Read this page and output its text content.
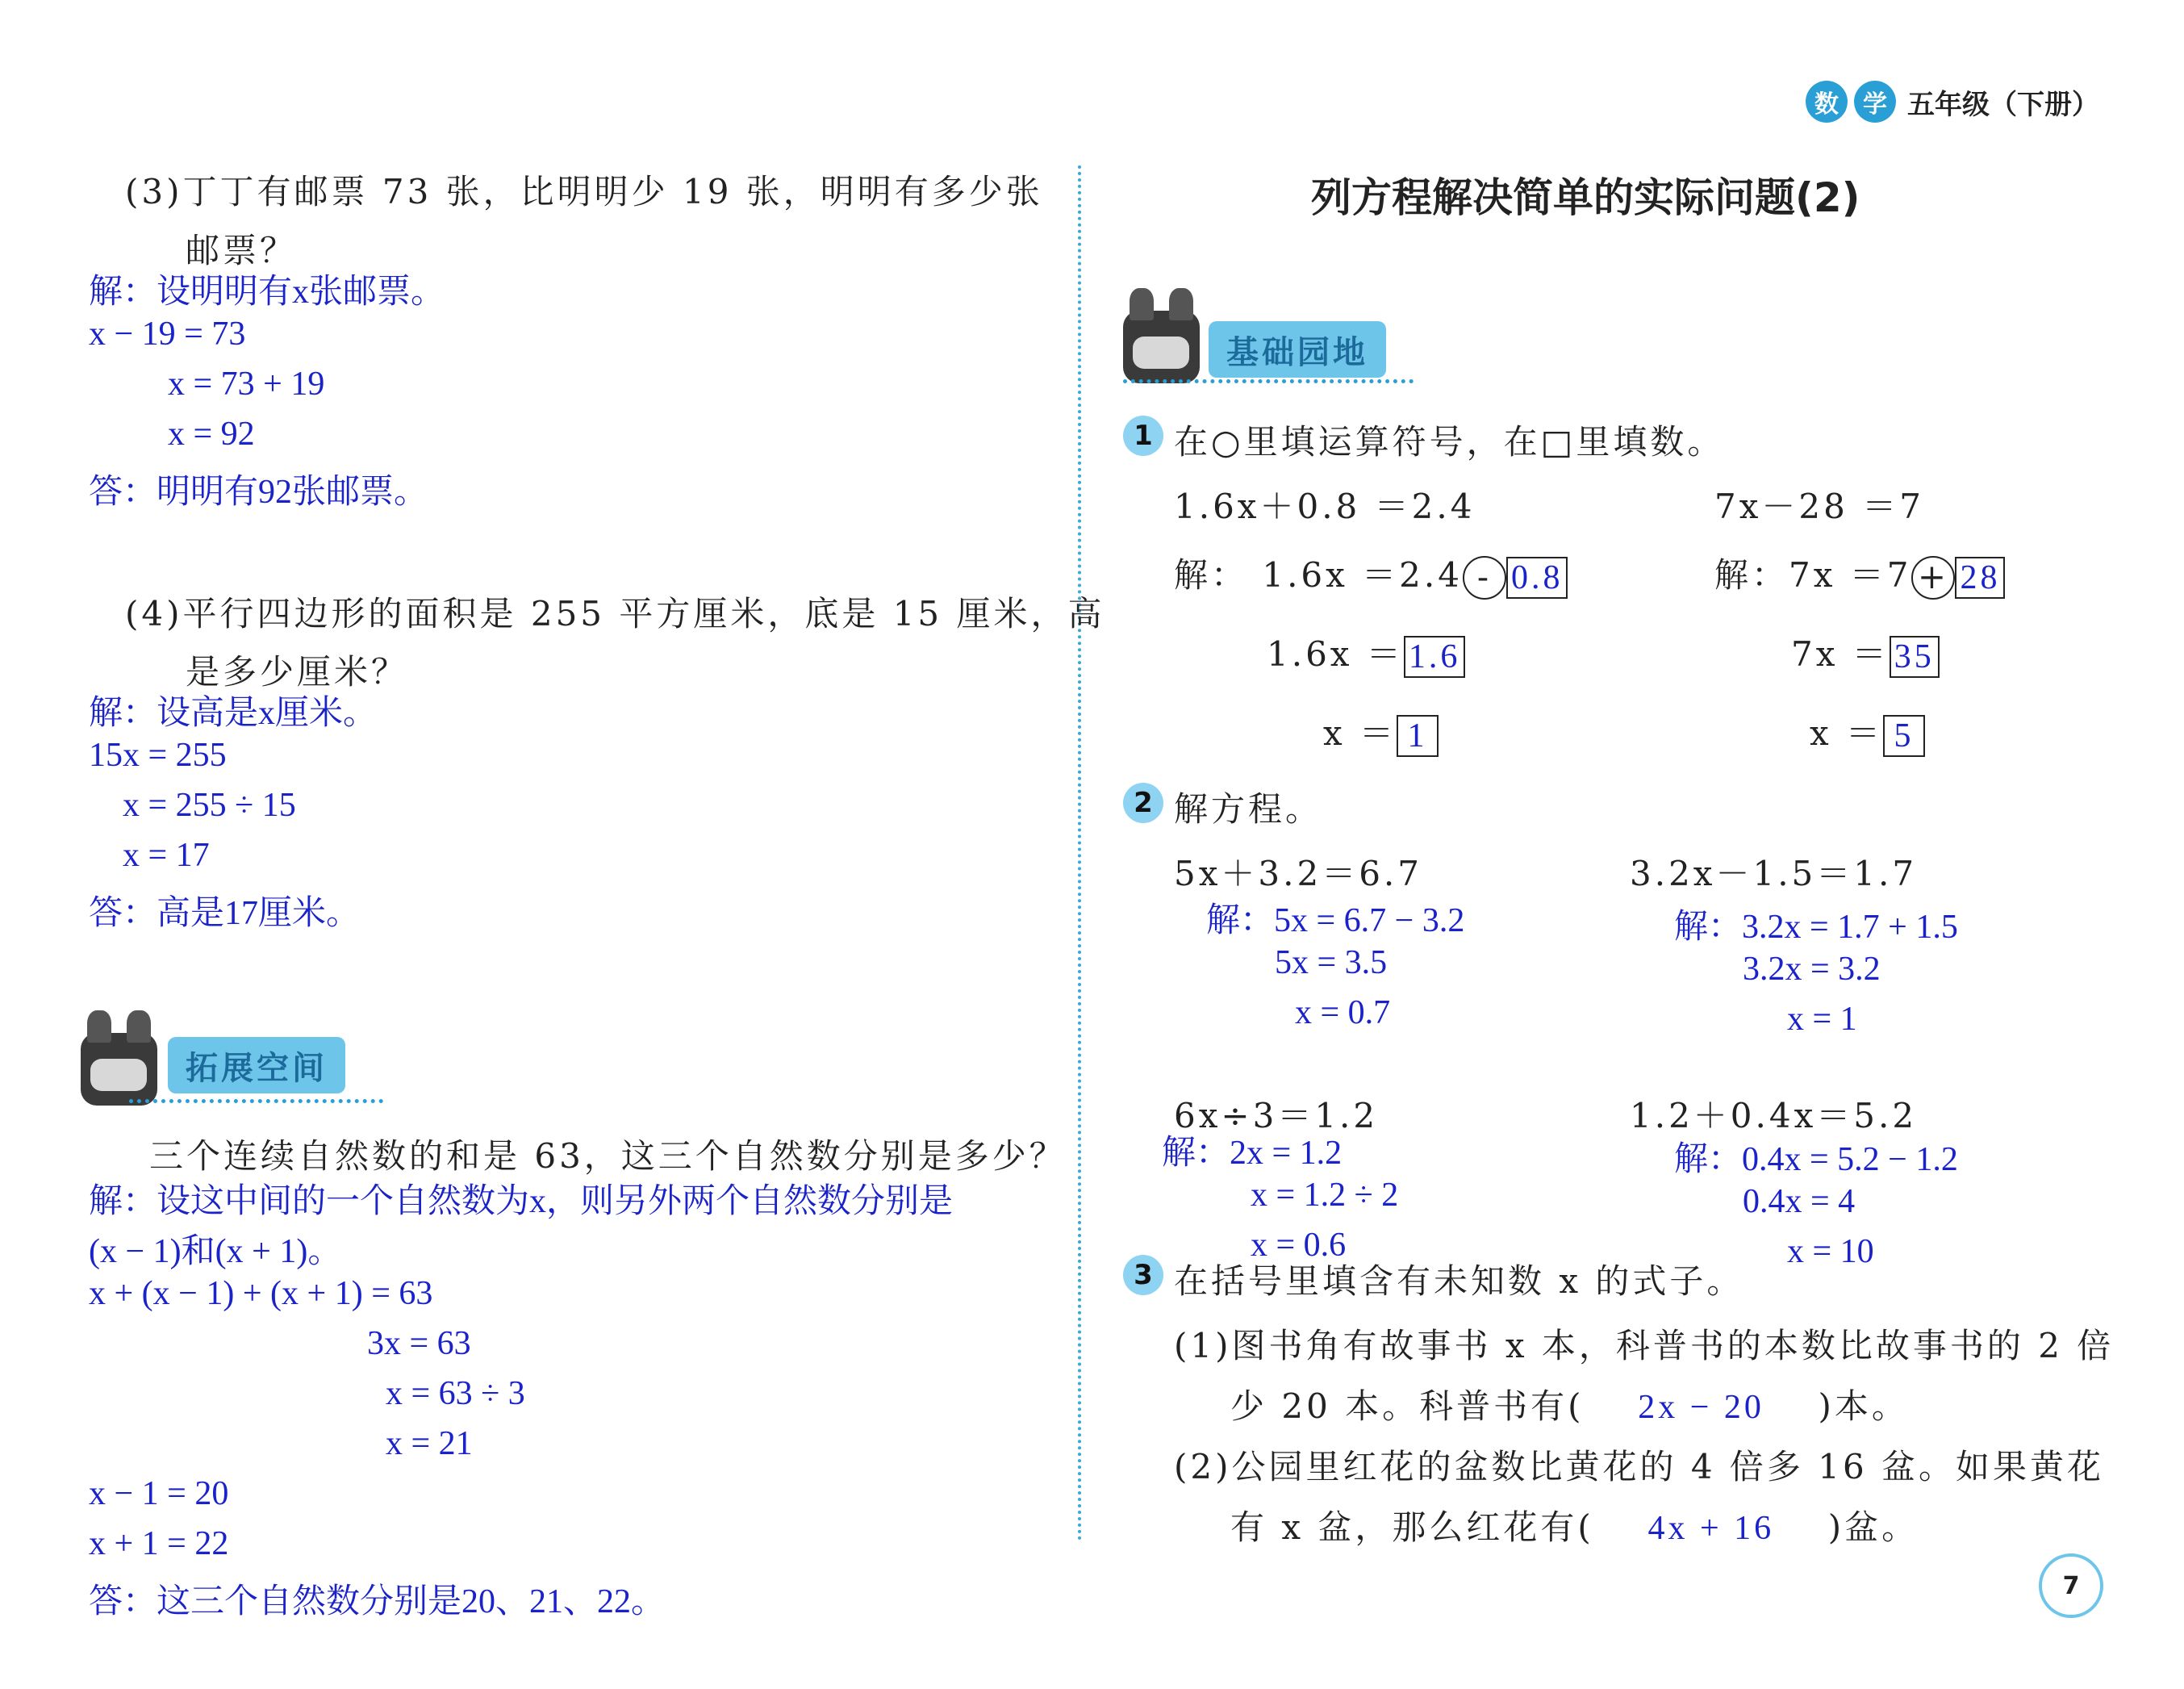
数	学 五年级（下册）
(3)丁丁有邮票 73 张，比明明少 19 张，明明有多少张
邮票？
解：设明明有x张邮票。
x − 19 = 73
x = 73 + 19
x = 92
答：明明有92张邮票。
(4)平行四边形的面积是 255 平方厘米，底是 15 厘米，高
是多少厘米？
解：设高是x厘米。
15x = 255
x = 255 ÷ 15
x = 17
答：高是17厘米。
拓展空间
三个连续自然数的和是 63，这三个自然数分别是多少？
解：设这中间的一个自然数为x，则另外两个自然数分别是
(x − 1)和(x + 1)。
x + (x − 1) + (x + 1) = 63
3x = 63
x = 63 ÷ 3
x = 21
x − 1 = 20
x + 1 = 22
答：这三个自然数分别是20、21、22。
列方程解决简单的实际问题(2)
基础园地
1 在○里填运算符号，在□里填数。
1.6x＋0.8 ＝2.4
解： 1.6x ＝2.4 - 0.8
1.6x ＝ 1.6
x ＝ 1
7x－28 ＝7
解：7x ＝7 + 28
7x ＝ 35
x ＝ 5
2 解方程。
5x＋3.2＝6.7
解：5x = 6.7 − 3.2
5x = 3.5
x = 0.7
3.2x－1.5＝1.7
解：3.2x = 1.7 + 1.5
3.2x = 3.2
x = 1
6x÷3＝1.2
解：2x = 1.2
x = 1.2 ÷ 2
x = 0.6
1.2＋0.4x＝5.2
解：0.4x = 5.2 − 1.2
0.4x = 4
x = 10
3 在括号里填含有未知数 x 的式子。
(1)图书角有故事书 x 本，科普书的本数比故事书的 2 倍
少 20 本。科普书有( 2x − 20 )本。
(2)公园里红花的盆数比黄花的 4 倍多 16 盆。如果黄花
有 x 盆，那么红花有( 4x + 16 )盆。
7
